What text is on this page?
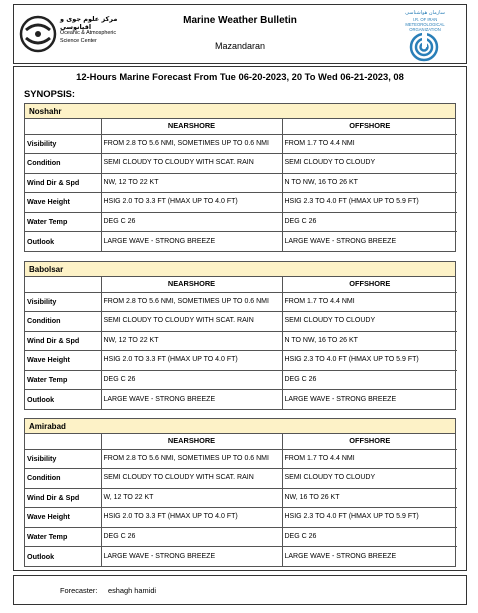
مرکز علوم جوی و اقیانوسی
Oceanic & Atmospheric
Science Center
Marine Weather Bulletin
Mazandaran
سازمان هواشناسی
I.R. OF IRAN
METEOROLOGICAL
ORGANIZATION
12-Hours Marine Forecast From Tue 06-20-2023, 20 To Wed 06-21-2023, 08
SYNOPSIS:
Noshahr
	NEARSHORE	OFFSHORE
Visibility	FROM 2.8 TO 5.6 NMI, SOMETIMES UP TO 0.6 NMI	FROM 1.7 TO 4.4 NMI
Condition	SEMI CLOUDY TO CLOUDY WITH SCAT. RAIN	SEMI CLOUDY TO CLOUDY
Wind Dir & Spd	NW, 12 TO 22 KT	N TO NW, 16 TO 26 KT
Wave Height	HSIG 2.0 TO 3.3 FT (HMAX UP TO 4.0 FT)	HSIG 2.3 TO 4.0 FT (HMAX UP TO 5.9 FT)
Water Temp	DEG C 26	DEG C 26
Outlook	LARGE WAVE - STRONG BREEZE	LARGE WAVE - STRONG BREEZE
Babolsar
	NEARSHORE	OFFSHORE
Visibility	FROM 2.8 TO 5.6 NMI, SOMETIMES UP TO 0.6 NMI	FROM 1.7 TO 4.4 NMI
Condition	SEMI CLOUDY TO CLOUDY WITH SCAT. RAIN	SEMI CLOUDY TO CLOUDY
Wind Dir & Spd	NW, 12 TO 22 KT	N TO NW, 16 TO 26 KT
Wave Height	HSIG 2.0 TO 3.3 FT (HMAX UP TO 4.0 FT)	HSIG 2.3 TO 4.0 FT (HMAX UP TO 5.9 FT)
Water Temp	DEG C 26	DEG C 26
Outlook	LARGE WAVE - STRONG BREEZE	LARGE WAVE - STRONG BREEZE
Amirabad
	NEARSHORE	OFFSHORE
Visibility	FROM 2.8 TO 5.6 NMI, SOMETIMES UP TO 0.6 NMI	FROM 1.7 TO 4.4 NMI
Condition	SEMI CLOUDY TO CLOUDY WITH SCAT. RAIN	SEMI CLOUDY TO CLOUDY
Wind Dir & Spd	W, 12 TO 22 KT	NW, 16 TO 26 KT
Wave Height	HSIG 2.0 TO 3.3 FT (HMAX UP TO 4.0 FT)	HSIG 2.3 TO 4.0 FT (HMAX UP TO 5.9 FT)
Water Temp	DEG C 26	DEG C 26
Outlook	LARGE WAVE - STRONG BREEZE	LARGE WAVE - STRONG BREEZE
Forecaster: eshagh hamidi
